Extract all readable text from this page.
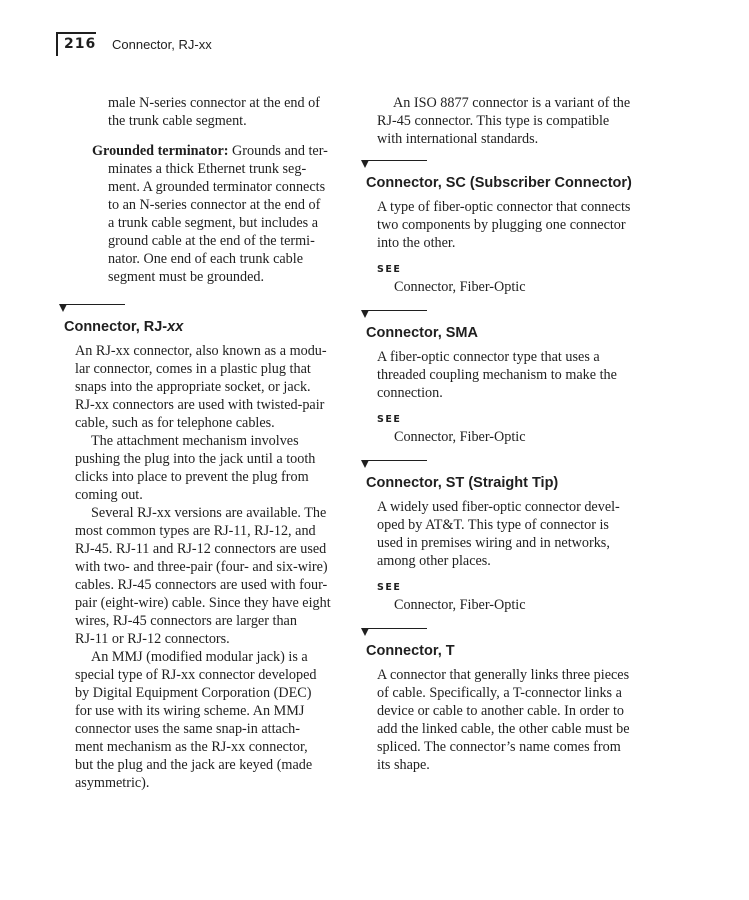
216 Connector, RJ-xx
male N-series connector at the end of
the trunk cable segment.

Grounded terminator: Grounds and ter-
minates a thick Ethernet trunk seg-
ment. A grounded terminator connects
to an N-series connector at the end of
a trunk cable segment, but includes a
ground cable at the end of the termi-
nator. One end of each trunk cable
segment must be grounded.

Connector, RJ-xx

An RJ-xx connector, also known as a modu-
lar connector, comes in a plastic plug that
snaps into the appropriate socket, or jack.
RJ-xx connectors are used with twisted-pair
cable, such as for telephone cables.

The attachment mechanism involves
pushing the plug into the jack until a tooth
clicks into place to prevent the plug from
coming out.

Several RJ-xx versions are available. The
most common types are RJ-11, RJ-12, and
RJ-45. RJ-11 and RJ-12 connectors are used
with two- and three-pair (four- and six-wire)
cables. RJ-45 connectors are used with four-
pair (eight-wire) cable. Since they have eight
wires, RJ-45 connectors are larger than
RJ-11 or RJ-12 connectors.

An MMJ (modified modular jack) is a
special type of RJ-xx connector developed
by Digital Equipment Corporation (DEC)
for use with its wiring scheme. An MMJ
connector uses the same snap-in attach-
ment mechanism as the RJ-xx connector,
but the plug and the jack are keyed (made
asymmetric).

An ISO 8877 connector is a variant of the
RJ-45 connector. This type is compatible
with international standards.

Connector, SC (Subscriber Connector)

A type of fiber-optic connector that connects
two components by plugging one connector
into the other.

SEE
Connector, Fiber-Optic
Connector, SMA

A fiber-optic connector type that uses a
threaded coupling mechanism to make the
connection.

SEE
Connector, Fiber-Optic
Connector, ST (Straight Tip)

A widely used fiber-optic connector devel-
oped by AT&T. This type of connector is
used in premises wiring and in networks,
among other places.

SEE
Connector, Fiber-Optic
Connector, T

A connector that generally links three pieces
of cable. Specifically, a T-connector links a
device or cable to another cable. In order to
add the linked cable, the other cable must be
spliced. The connector’s name comes from
its shape.
